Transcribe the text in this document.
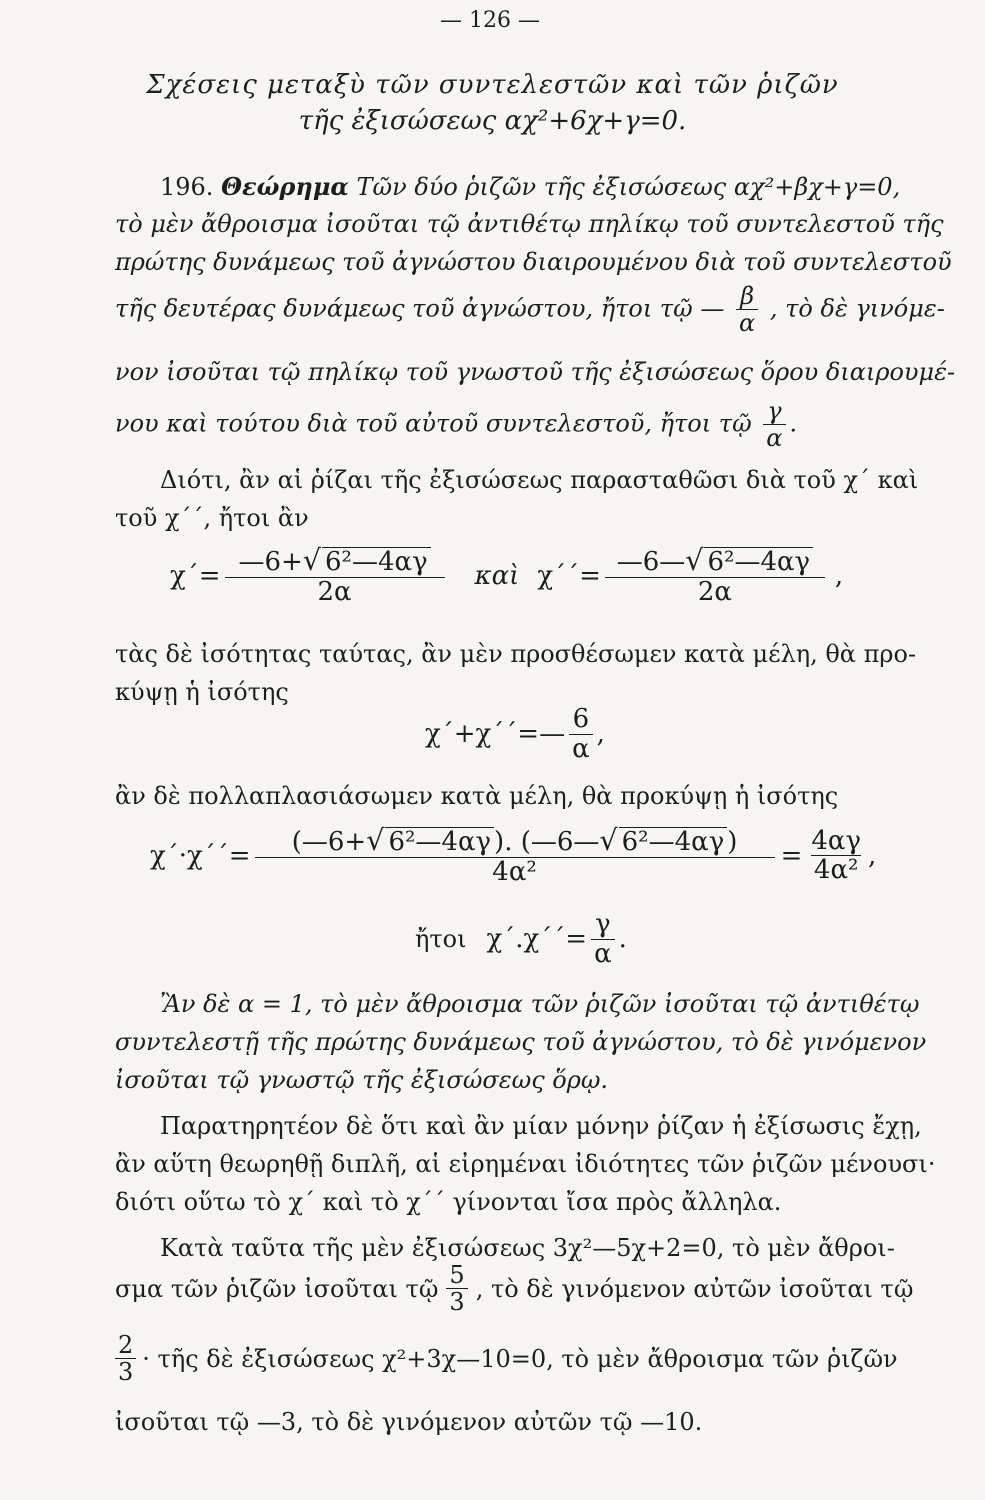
— 126 —
Σχέσεις μεταξὺ τῶν συντελεστῶν καὶ τῶν ῥιζῶν
τῆς ἐξισώσεως αχ²+6χ+γ=0.
196. Θεώρημα Τῶν δύο ῥιζῶν τῆς ἐξισώσεως αχ²+βχ+γ=0,
τὸ μὲν ἄθροισμα ἰσοῦται τῷ ἀντιθέτῳ πηλίκῳ τοῦ συντελεστοῦ τῆς
πρώτης δυνάμεως τοῦ ἀγνώστου διαιρουμένου διὰ τοῦ συντελεστοῦ
τῆς δευτέρας δυνάμεως τοῦ ἀγνώστου, ἤτοι τῷ — $\frac{\beta}{\alpha}$ , τὸ δὲ γινόμε-
νον ἰσοῦται τῷ πηλίκῳ τοῦ γνωστοῦ τῆς ἐξισώσεως ὅρου διαιρουμέ-
νου καὶ τούτου διὰ τοῦ αὐτοῦ συντελεστοῦ, ἤτοι τῷ $\frac{\gamma}{\alpha}$ .
Διότι, ἂν αἱ ῥίζαι τῆς ἐξισώσεως παρασταθῶσι διὰ τοῦ χ΄ καὶ
τοῦ χ΄΄, ἤτοι ἂν
$\chi΄= \frac{\text{—6+√ 6²—4αγ}}{2\alpha}$ καὶ $\chi΄΄= \frac{\text{—6—√ 6²—4αγ}}{2\alpha}$ ,
τὰς δὲ ἰσότητας ταύτας, ἂν μὲν προσθέσωμεν κατὰ μέλη, θὰ προ-
κύψῃ ἡ ἰσότης
χ΄+χ΄΄=— $\frac{6}{\alpha}$ ,
ἂν δὲ πολλαπλασιάσωμεν κατὰ μέλη, θὰ προκύψῃ ἡ ἰσότης
$\chi΄\cdot\chi΄΄= \frac{\text{(—6+√ 6²—4αγ ). (—6—√ 6²—4αγ )}}{\text{4α²}} = \frac{4\alpha\gamma}{\text{4α²}}$ ,
ἤτοι $\chi΄.\chi΄΄= \frac{\gamma}{\alpha}$ .
Ἂν δὲ α = 1, τὸ μὲν ἄθροισμα τῶν ῥιζῶν ἰσοῦται τῷ ἀντιθέτῳ
συντελεστῇ τῆς πρώτης δυνάμεως τοῦ ἀγνώστου, τὸ δὲ γινόμενον
ἰσοῦται τῷ γνωστῷ τῆς ἐξισώσεως ὅρῳ.
Παρατηρητέον δὲ ὅτι καὶ ἂν μίαν μόνην ῥίζαν ἡ ἐξίσωσις ἔχῃ,
ἂν αὕτη θεωρηθῇ διπλῆ, αἱ εἰρημέναι ἰδιότητες τῶν ῥιζῶν μένουσι·
διότι οὕτω τὸ χ΄ καὶ τὸ χ΄΄ γίνονται ἴσα πρὸς ἄλληλα.
Κατὰ ταῦτα τῆς μὲν ἐξισώσεως 3χ²—5χ+2=0, τὸ μὲν ἄθροι-
σμα τῶν ῥιζῶν ἰσοῦται τῷ $\frac{5}{3}$ , τὸ δὲ γινόμενον αὐτῶν ἰσοῦται τῷ
$\frac{2}{3}$ · τῆς δὲ ἐξισώσεως χ²+3χ—10=0, τὸ μὲν ἄθροισμα τῶν ῥιζῶν
ἰσοῦται τῷ —3, τὸ δὲ γινόμενον αὐτῶν τῷ —10.
